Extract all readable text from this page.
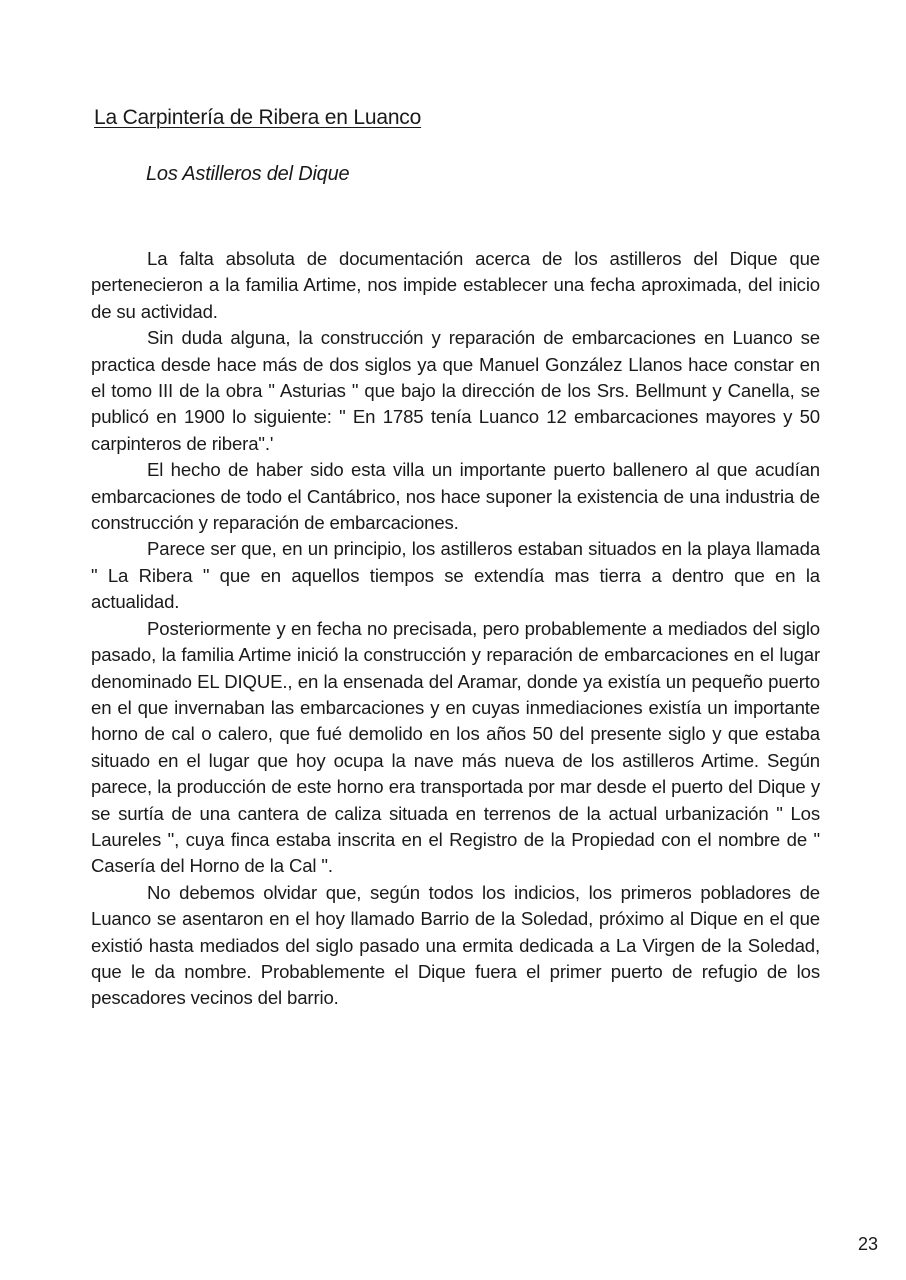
La Carpintería de Ribera en Luanco
Los Astilleros del Dique

La falta absoluta de documentación acerca de los astilleros del Dique que pertenecieron a la familia Artime, nos impide establecer una fecha aproximada, del inicio de su actividad.

Sin duda alguna, la construcción y reparación de embarcaciones en Luanco se practica desde hace más de dos siglos ya que Manuel González Llanos hace constar en el tomo III de la obra " Asturias " que bajo la dirección de los Srs. Bellmunt y Canella, se publicó en 1900 lo siguiente: " En 1785 tenía Luanco 12 embarcaciones mayores y 50 carpinteros de ribera".'

El hecho de haber sido esta villa un importante puerto ballenero al que acudían embarcaciones de todo el Cantábrico, nos hace suponer la existencia de una industria de construcción y reparación de embarcaciones.

Parece ser que, en un principio, los astilleros estaban situados en la playa llamada " La Ribera " que en aquellos tiempos se extendía mas tierra a dentro que en la actualidad.

Posteriormente y en fecha no precisada, pero probablemente a mediados del siglo pasado, la familia Artime inició la construcción y reparación de embarcaciones en el lugar denominado EL DIQUE., en la ensenada del Aramar, donde ya existía un pequeño puerto en el que invernaban las embarcaciones y en cuyas inmediaciones existía un importante horno de cal o calero, que fué demolido en los años 50 del presente siglo y que estaba situado en el lugar que hoy ocupa la nave más nueva de los astilleros Artime. Según parece, la producción de este horno era transportada por mar desde el puerto del Dique y se surtía de una cantera de caliza situada en terrenos de la actual urbanización " Los Laureles ", cuya finca estaba inscrita en el Registro de la Propiedad con el nombre de " Casería del Horno de la Cal ".

No debemos olvidar que, según todos los indicios, los primeros pobladores de Luanco se asentaron en el hoy llamado Barrio de la Soledad, próximo al Dique en el que existió hasta mediados del siglo pasado una ermita dedicada a La Virgen de la Soledad, que le da nombre. Probablemente el Dique fuera el primer puerto de refugio de los pescadores vecinos del barrio.

23
